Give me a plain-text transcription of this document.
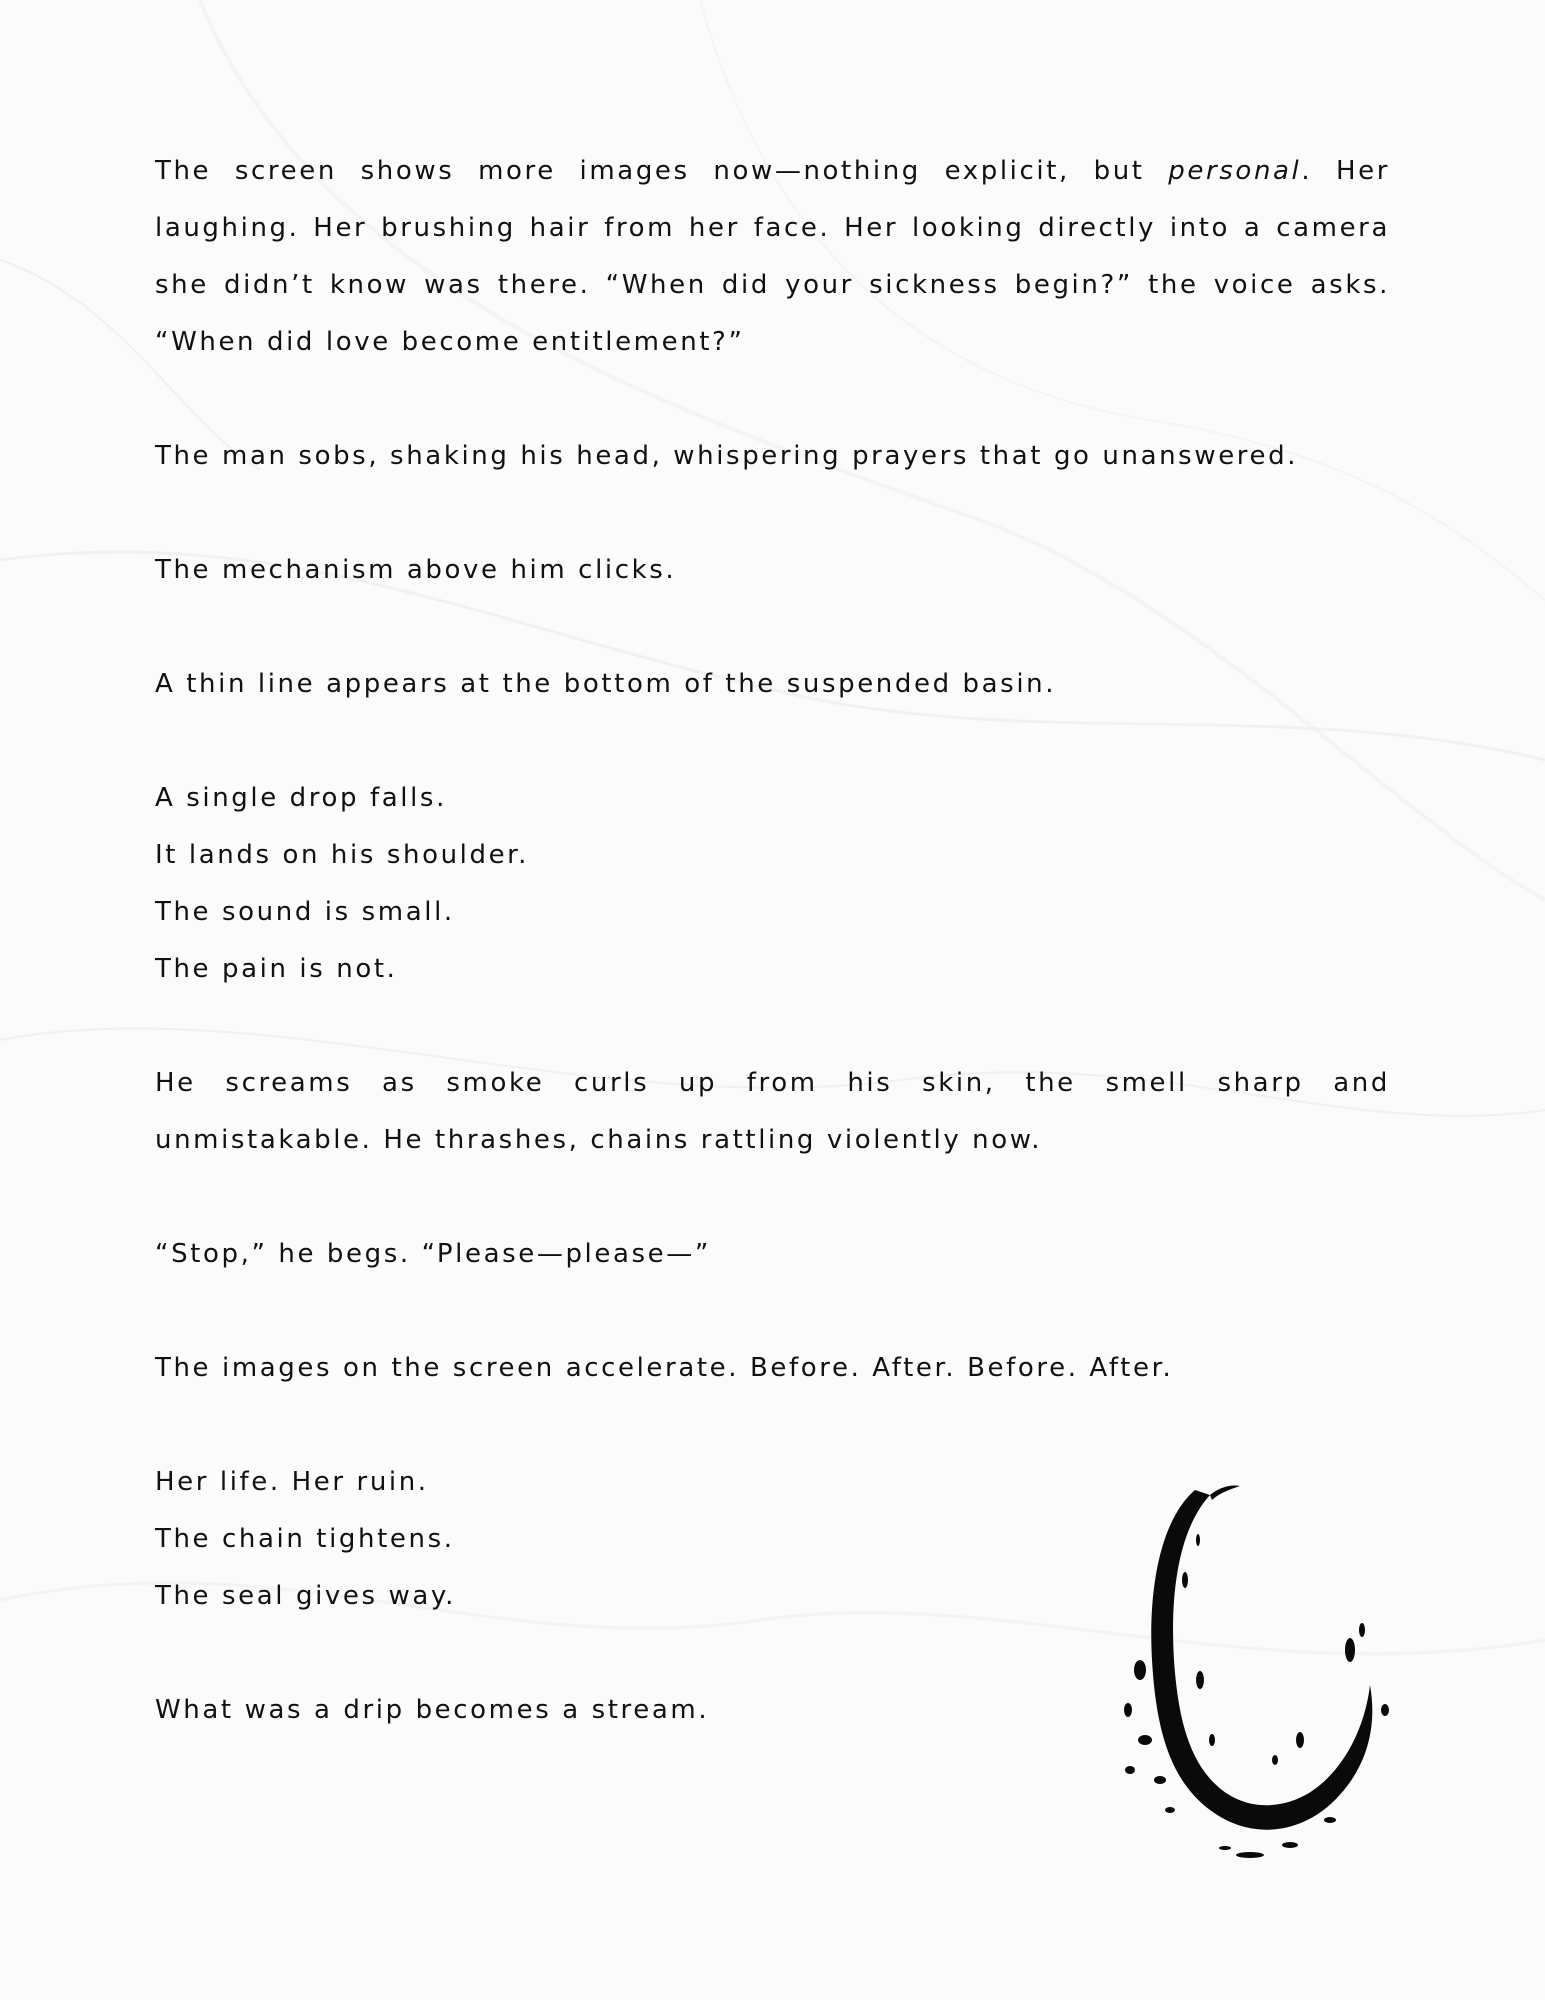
The screen shows more images now—nothing explicit, but personal. Her laughing. Her brushing hair from her face. Her looking directly into a camera she didn’t know was there. “When did your sickness begin?” the voice asks. “When did love become entitlement?”

The man sobs, shaking his head, whispering prayers that go unanswered.

The mechanism above him clicks.

A thin line appears at the bottom of the suspended basin.

A single drop falls.
It lands on his shoulder.
The sound is small.
The pain is not.

He screams as smoke curls up from his skin, the smell sharp and unmistakable. He thrashes, chains rattling violently now.

“Stop,” he begs. “Please—please—”

The images on the screen accelerate. Before. After. Before. After.

Her life. Her ruin.
The chain tightens.
The seal gives way.

What was a drip becomes a stream.
